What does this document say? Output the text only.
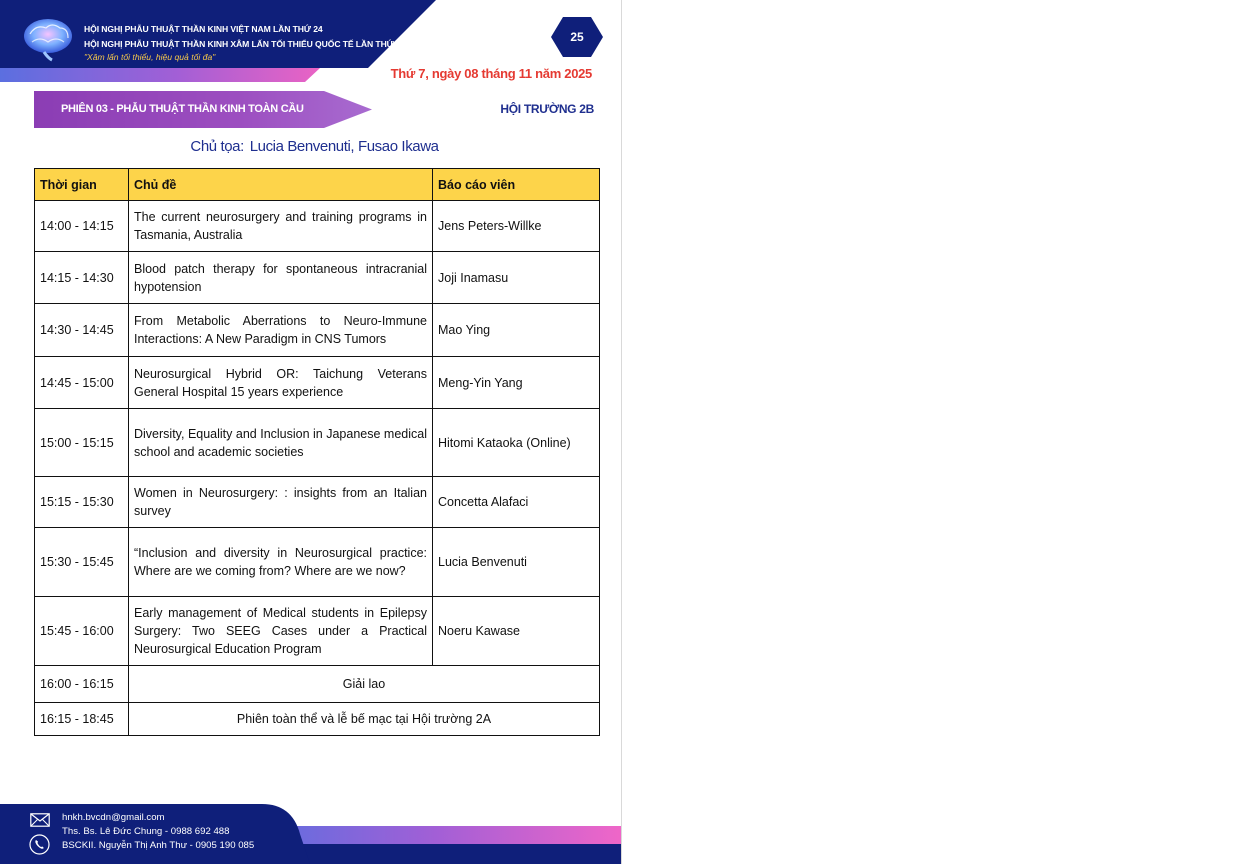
HỘI NGHỊ PHẪU THUẬT THẦN KINH VIỆT NAM LẦN THỨ 24
HỘI NGHỊ PHẪU THUẬT THẦN KINH XÂM LẤN TỐI THIỂU QUỐC TẾ LẦN THỨ 9
"Xâm lấn tối thiểu, hiệu quả tối đa"
25
Thứ 7, ngày 08 tháng 11 năm 2025
PHIÊN 03 - PHẪU THUẬT THẦN KINH TOÀN CẦU	HỘI TRƯỜNG 2B
Chủ tọa: Lucia Benvenuti, Fusao Ikawa
Thời gian	Chủ đề	Báo cáo viên
14:00 - 14:15	The current neurosurgery and training programs in Tasmania, Australia	Jens Peters-Willke
14:15 - 14:30	Blood patch therapy for spontaneous intracranial hypotension	Joji Inamasu
14:30 - 14:45	From Metabolic Aberrations to Neuro-Immune Interactions: A New Paradigm in CNS Tumors	Mao Ying
14:45 - 15:00	Neurosurgical Hybrid OR: Taichung Veterans General Hospital 15 years experience	Meng-Yin Yang
15:00 - 15:15	Diversity, Equality and Inclusion in Japanese medical school and academic societies	Hitomi Kataoka (Online)
15:15 - 15:30	Women in Neurosurgery: : insights from an Italian survey	Concetta Alafaci
15:30 - 15:45	“Inclusion and diversity in Neurosurgical practice: Where are we coming from? Where are we now?	Lucia Benvenuti
15:45 - 16:00	Early management of Medical students in Epilepsy Surgery: Two SEEG Cases under a Practical Neurosurgical Education Program	Noeru Kawase
16:00 - 16:15	Giải lao	
16:15 - 18:45	Phiên toàn thể và lễ bế mạc tại Hội trường 2A	
hnkh.bvcdn@gmail.com
Ths. Bs. Lê Đức Chung - 0988 692 488
BSCKII. Nguyễn Thị Anh Thư - 0905 190 085
